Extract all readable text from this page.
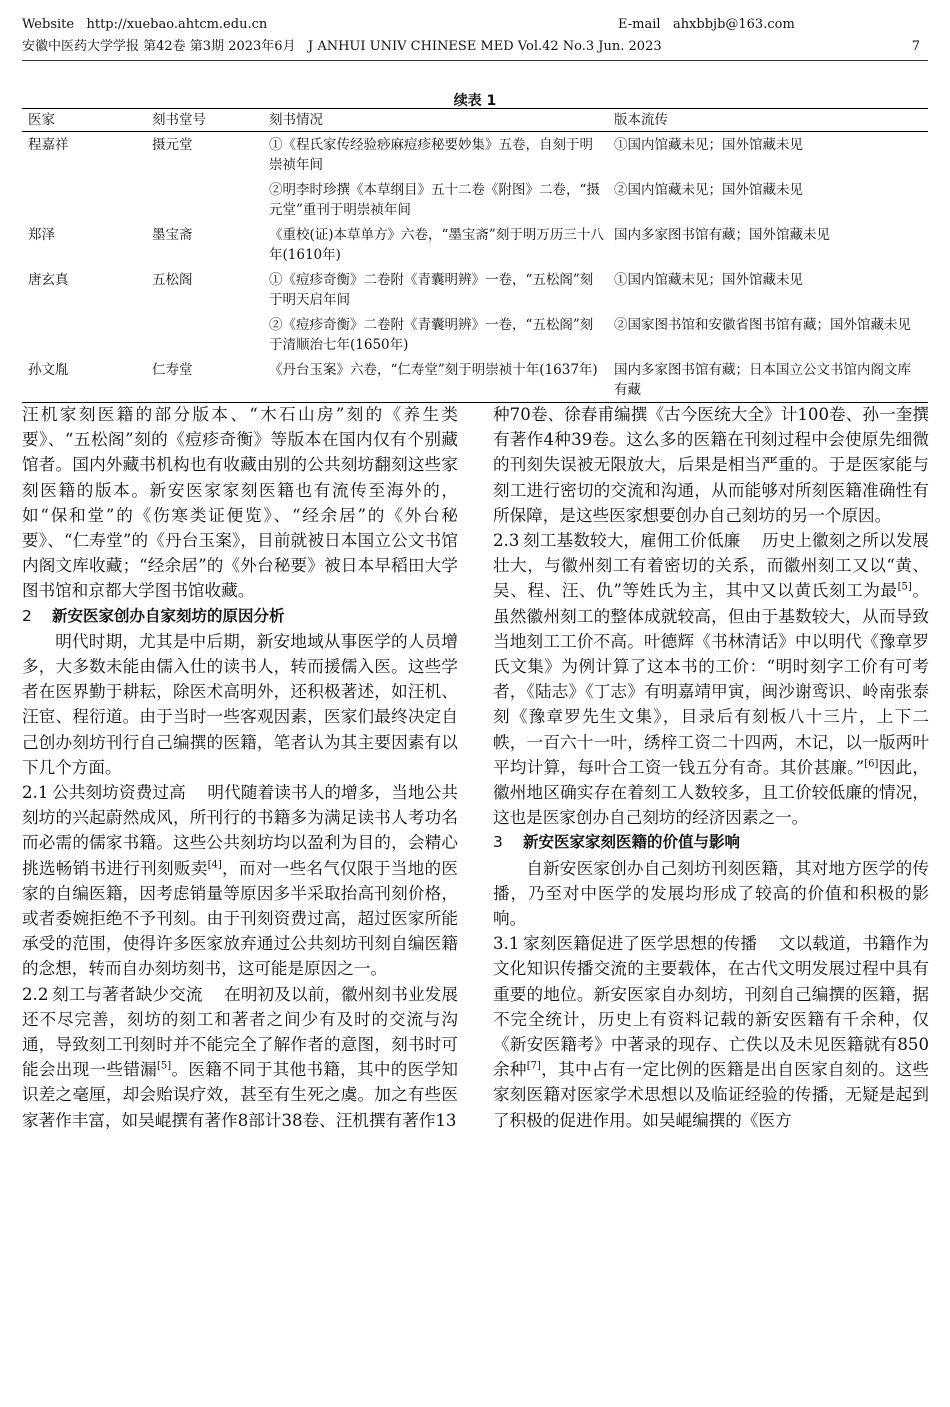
Website http://xuebao.ahtcm.edu.cn	E-mail ahxbbjb@163.com
安徽中医药大学学报 第42卷 第3期 2023年6月 J ANHUI UNIV CHINESE MED Vol.42 No.3 Jun. 2023	7
续表 1
医家	刻书堂号	刻书情况	版本流传
程嘉祥	摄元堂	①《程氏家传经验痧麻痘疹秘要妙集》五卷，自刻于明崇祯年间	①国内馆藏未见；国外馆藏未见
		②明李时珍撰《本草纲目》五十二卷《附图》二卷，“摄元堂”重刊于明崇祯年间	②国内馆藏未见；国外馆藏未见
郑泽	墨宝斋	《重校(证)本草单方》六卷，“墨宝斋”刻于明万历三十八年(1610年)	国内多家图书馆有藏；国外馆藏未见
唐玄真	五松阁	①《痘疹奇衡》二卷附《青囊明辨》一卷，“五松阁”刻于明天启年间	①国内馆藏未见；国外馆藏未见
		②《痘疹奇衡》二卷附《青囊明辨》一卷，“五松阁”刻于清顺治七年(1650年)	②国家图书馆和安徽省图书馆有藏；国外馆藏未见
孙文胤	仁寿堂	《丹台玉案》六卷，“仁寿堂”刻于明崇祯十年(1637年)	国内多家图书馆有藏；日本国立公文书馆内阁文库有藏

汪机家刻医籍的部分版本、“木石山房”刻的《养生类要》、“五松阁”刻的《痘疹奇衡》等版本在国内仅有个别藏馆者。国内外藏书机构也有收藏由别的公共刻坊翻刻这些家刻医籍的版本。新安医家家刻医籍也有流传至海外的，如“保和堂”的《伤寒类证便览》、“经余居”的《外台秘要》、“仁寿堂”的《丹台玉案》，目前就被日本国立公文书馆内阁文库收藏；“经余居”的《外台秘要》被日本早稻田大学图书馆和京都大学图书馆收藏。

2 新安医家创办自家刻坊的原因分析

明代时期，尤其是中后期，新安地域从事医学的人员增多，大多数未能由儒入仕的读书人，转而援儒入医。这些学者在医界勤于耕耘，除医术高明外，还积极著述，如汪机、汪宦、程衍道。由于当时一些客观因素，医家们最终决定自己创办刻坊刊行自己编撰的医籍，笔者认为其主要因素有以下几个方面。

2.1 公共刻坊资费过高 明代随着读书人的增多，当地公共刻坊的兴起蔚然成风，所刊行的书籍多为满足读书人考功名而必需的儒家书籍。这些公共刻坊均以盈利为目的，会精心挑选畅销书进行刊刻贩卖[4]，而对一些名气仅限于当地的医家的自编医籍，因考虑销量等原因多半采取抬高刊刻价格，或者委婉拒绝不予刊刻。由于刊刻资费过高，超过医家所能承受的范围，使得许多医家放弃通过公共刻坊刊刻自编医籍的念想，转而自办刻坊刻书，这可能是原因之一。

2.2 刻工与著者缺少交流 在明初及以前，徽州刻书业发展还不尽完善，刻坊的刻工和著者之间少有及时的交流与沟通，导致刻工刊刻时并不能完全了解作者的意图，刻书时可能会出现一些错漏[5]。医籍不同于其他书籍，其中的医学知识差之毫厘，却会贻误疗效，甚至有生死之虞。加之有些医家著作丰富，如吴崐撰有著作8部计38卷、汪机撰有著作13

种70卷、徐春甫编撰《古今医统大全》计100卷、孙一奎撰有著作4种39卷。这么多的医籍在刊刻过程中会使原先细微的刊刻失误被无限放大，后果是相当严重的。于是医家能与刻工进行密切的交流和沟通，从而能够对所刻医籍准确性有所保障，是这些医家想要创办自己刻坊的另一个原因。

2.3 刻工基数较大，雇佣工价低廉 历史上徽刻之所以发展壮大，与徽州刻工有着密切的关系，而徽州刻工又以“黄、吴、程、汪、仇”等姓氏为主，其中又以黄氏刻工为最[5]。虽然徽州刻工的整体成就较高，但由于基数较大，从而导致当地刻工工价不高。叶德辉《书林清话》中以明代《豫章罗氏文集》为例计算了这本书的工价：“明时刻字工价有可考者，《陆志》《丁志》有明嘉靖甲寅，闽沙谢鸾识、岭南张泰刻《豫章罗先生文集》，目录后有刻板八十三片，上下二帙，一百六十一叶，绣梓工资二十四两，木记，以一版两叶平均计算，每叶合工资一钱五分有奇。其价甚廉。”[6]因此，徽州地区确实存在着刻工人数较多，且工价较低廉的情况，这也是医家创办自己刻坊的经济因素之一。

3 新安医家家刻医籍的价值与影响

自新安医家创办自己刻坊刊刻医籍，其对地方医学的传播，乃至对中医学的发展均形成了较高的价值和积极的影响。

3.1 家刻医籍促进了医学思想的传播 文以载道，书籍作为文化知识传播交流的主要载体，在古代文明发展过程中具有重要的地位。新安医家自办刻坊，刊刻自己编撰的医籍，据不完全统计，历史上有资料记载的新安医籍有千余种，仅《新安医籍考》中著录的现存、亡佚以及未见医籍就有850余种[7]，其中占有一定比例的医籍是出自医家自刻的。这些家刻医籍对医家学术思想以及临证经验的传播，无疑是起到了积极的促进作用。如吴崐编撰的《医方
